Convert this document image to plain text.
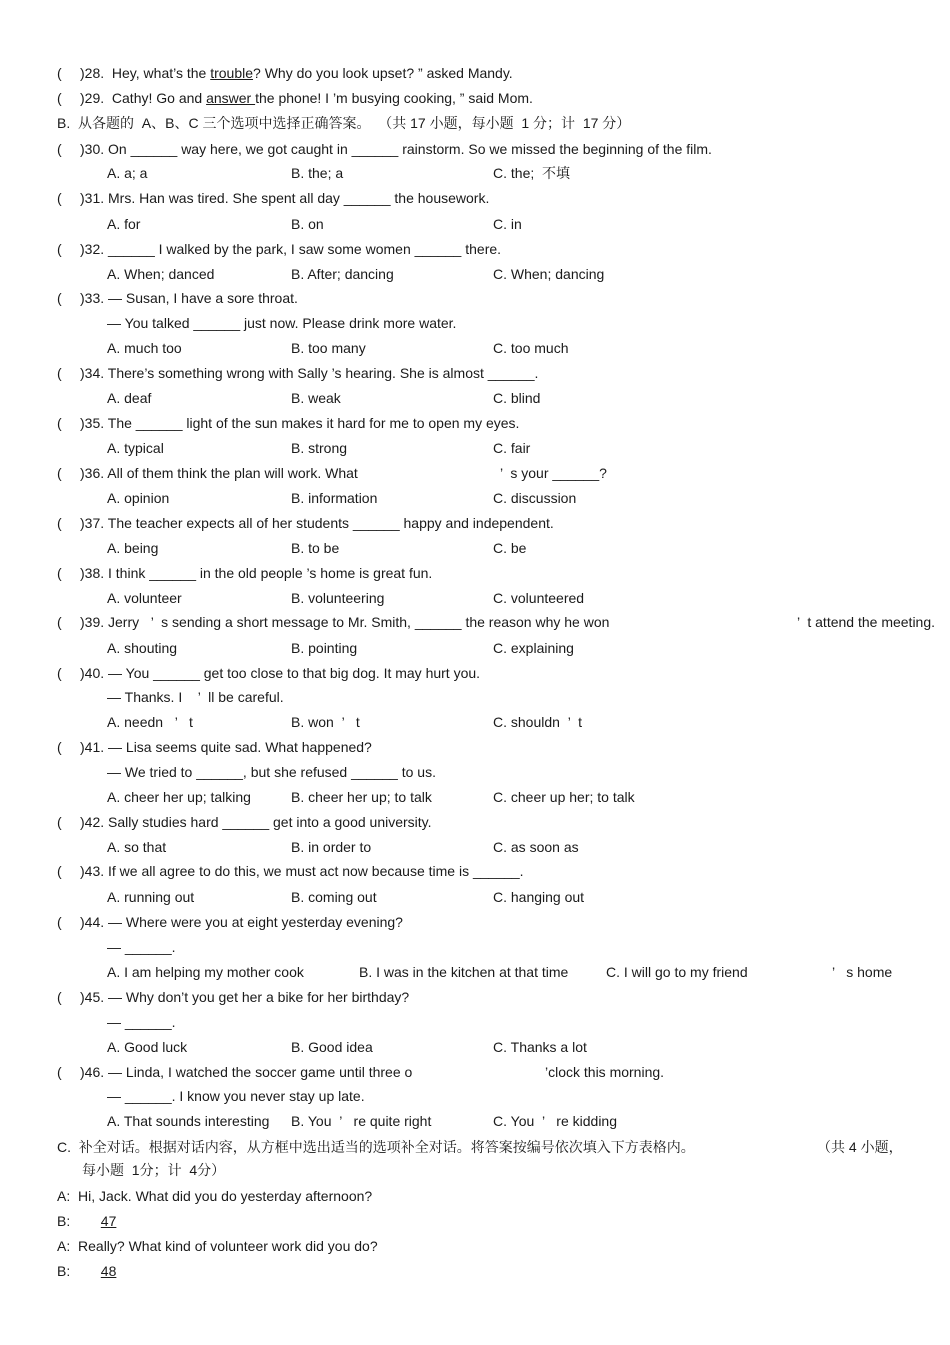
( )28. Hey, what’s the trouble? Why do you look upset? ” asked Mandy.
( )29. Cathy! Go and answer the phone! I ’m busying cooking, ” said Mom.
B.  从各题的  A、B、C 三个选项中选择正确答案。  （共 17 小题，每小题  1 分；计  17 分）
( )30. On ______ way here, we got caught in ______ rainstorm. So we missed the beginning of the film.
A. a; a	B. the; a	C. the;  不填
( )31. Mrs. Han was tired. She spent all day ______ the housework.
A. for	B. on	C. in
( )32. ______ I walked by the park, I saw some women ______ there.
A. When; danced	B. After; dancing	C. When; dancing
( )33. — Susan, I have a sore throat.
— You talked ______ just now. Please drink more water.
A. much too	B. too many	C. too much
( )34. There’s something wrong with Sally ’s hearing. She is almost ______.
A. deaf	B. weak	C. blind
( )35. The ______ light of the sun makes it hard for me to open my eyes.
A. typical	B. strong	C. fair
( )36. All of them think the plan will work. What	’  s your ______?
A. opinion	B. information	C. discussion
( )37. The teacher expects all of her students ______ happy and independent.
A. being	B. to be	C. be
( )38. I think ______ in the old people ’s home is great fun.
A. volunteer	B. volunteering	C. volunteered
( )39. Jerry   ’  s sending a short message to Mr. Smith, ______ the reason why he won	’  t attend the meeting.
A. shouting	B. pointing	C. explaining
( )40. — You ______ get too close to that big dog. It may hurt you.
— Thanks. I    ’  ll be careful.
A. needn   ’   t	B. won  ’   t	C. shouldn  ’  t
( )41. — Lisa seems quite sad. What happened?
— We tried to ______, but she refused ______ to us.
A. cheer her up; talking	B. cheer her up; to talk	C. cheer up her; to talk
( )42. Sally studies hard ______ get into a good university.
A. so that	B. in order to	C. as soon as
( )43. If we all agree to do this, we must act now because time is ______.
A. running out	B. coming out	C. hanging out
( )44. — Where were you at eight yesterday evening?
— ______.
A. I am helping my mother cook	B. I was in the kitchen at that time	C. I will go to my friend	’   s home
( )45. — Why don’t you get her a bike for her birthday?
— ______.
A. Good luck	B. Good idea	C. Thanks a lot
( )46. — Linda, I watched the soccer game until three o	’clock this morning.
— ______. I know you never stay up late.
A. That sounds interesting B. You  ’   re quite right	C. You  ’   re kidding
C.  补全对话。根据对话内容，从方框中选出适当的选项补全对话。将答案按编号依次填入下方表格内。	（共 4 小题，
每小题  1分；计  4分）
A: Hi, Jack. What did you do yesterday afternoon?
B: 47
A: Really? What kind of volunteer work did you do?
B: 48
